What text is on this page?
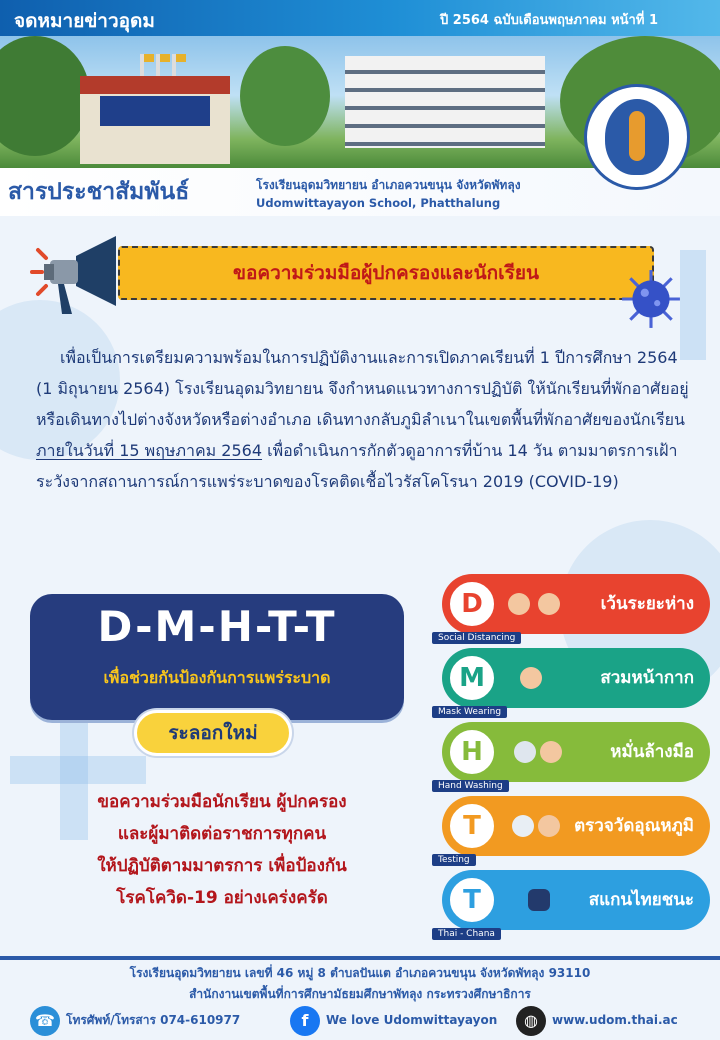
จดหมายข่าวอุดม	ปี 2564 ฉบับเดือนพฤษภาคม หน้าที่ 1
สารประชาสัมพันธ์	โรงเรียนอุดมวิทยายน อำเภอควนขนุน จังหวัดพัทลุง
Udomwittayayon School, Phatthalung
ขอความร่วมมือผู้ปกครองและนักเรียน

เพื่อเป็นการเตรียมความพร้อมในการปฏิบัติงานและการเปิดภาคเรียนที่ 1 ปีการศึกษา 2564 (1 มิถุนายน 2564) โรงเรียนอุดมวิทยายน จึงกำหนดแนวทางการปฏิบัติ ให้นักเรียนที่พักอาศัยอยู่หรือเดินทางไปต่างจังหวัดหรือต่างอำเภอ เดินทางกลับภูมิลำเนาในเขตพื้นที่พักอาศัยของนักเรียน ภายในวันที่ 15 พฤษภาคม 2564 เพื่อดำเนินการกักตัวดูอาการที่บ้าน 14 วัน ตามมาตรการเฝ้าระวังจากสถานการณ์การแพร่ระบาดของโรคติดเชื้อไวรัสโคโรนา 2019 (COVID-19)

D-M-H-T-T
เพื่อช่วยกันป้องกันการแพร่ระบาด
ระลอกใหม่
ขอความร่วมมือนักเรียน ผู้ปกครอง
และผู้มาติดต่อราชการทุกคน
ให้ปฏิบัติตามมาตรการ เพื่อป้องกัน
โรคโควิด-19 อย่างเคร่งครัด
D	เว้นระยะห่าง
Social Distancing
M	สวมหน้ากาก
Mask Wearing
H	หมั่นล้างมือ
Hand Washing
T	ตรวจวัดอุณหภูมิ
Testing
T	สแกนไทยชนะ
Thai - Chana
โรงเรียนอุดมวิทยายน เลขที่ 46 หมู่ 8 ตำบลปันแต อำเภอควนขนุน จังหวัดพัทลุง 93110
สำนักงานเขตพื้นที่การศึกษามัธยมศึกษาพัทลุง กระทรวงศึกษาธิการ
☎ โทรศัพท์/โทรสาร 074-610977	f We love Udomwittayayon	◍ www.udom.thai.ac
